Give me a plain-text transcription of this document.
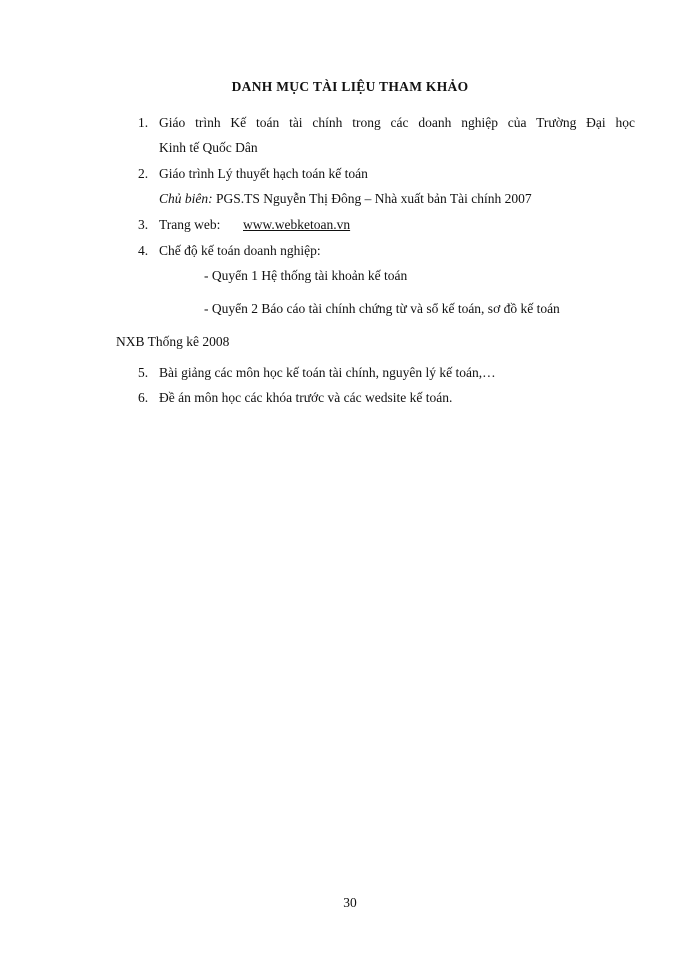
DANH MỤC TÀI LIỆU THAM KHẢO
1. Giáo trình Kế toán tài chính trong các doanh nghiệp của Trường Đại học
Kinh tế Quốc Dân
2. Giáo trình Lý thuyết hạch toán kế toán
Chủ biên: PGS.TS Nguyễn Thị Đông – Nhà xuất bản Tài chính 2007
3. Trang web: www.webketoan.vn
4. Chế độ kế toán doanh nghiệp:
- Quyển 1 Hệ thống tài khoản kế toán
- Quyển 2 Báo cáo tài chính chứng từ và sổ kế toán, sơ đồ kế toán
NXB Thống kê 2008
5. Bài giảng các môn học kế toán tài chính, nguyên lý kế toán,…
6. Đề án môn học các khóa trước và các wedsite kế toán.
30
